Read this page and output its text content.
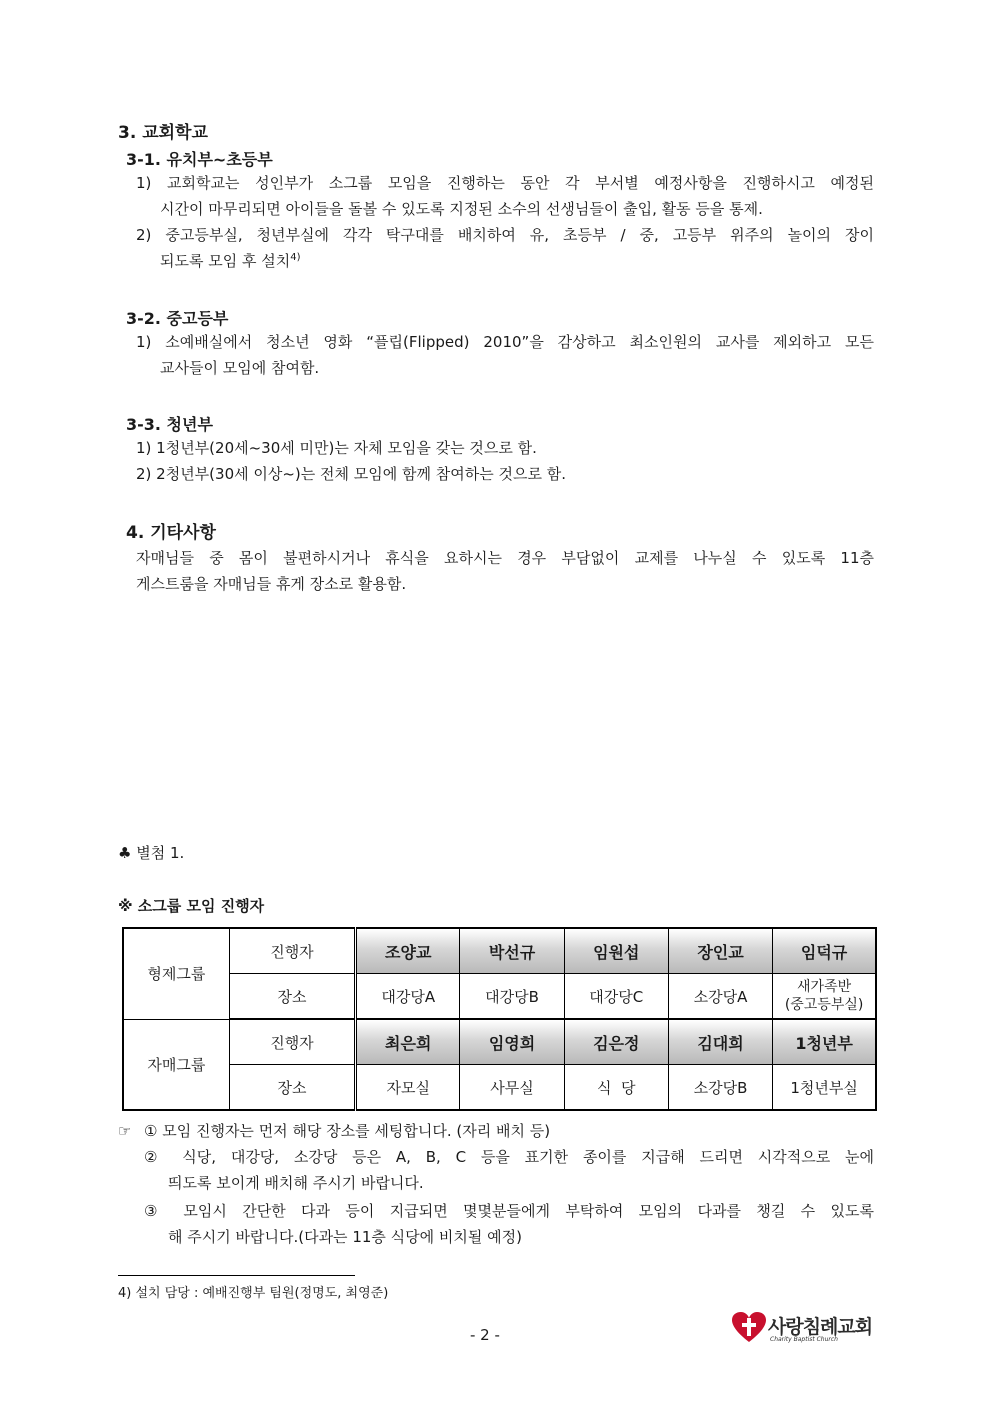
3. 교회학교
3-1. 유치부~초등부
1) 교회학교는 성인부가 소그룹 모임을 진행하는 동안 각 부서별 예정사항을 진행하시고 예정된
시간이 마무리되면 아이들을 돌볼 수 있도록 지정된 소수의 선생님들이 출입, 활동 등을 통제.
2) 중고등부실, 청년부실에 각각 탁구대를 배치하여 유, 초등부 / 중, 고등부 위주의 놀이의 장이
되도록 모임 후 설치$^{4)}$
3-2. 중고등부
1) 소예배실에서 청소년 영화 “플립(Flipped) 2010”을 감상하고 최소인원의 교사를 제외하고 모든
교사들이 모임에 참여함.
3-3. 청년부
1) 1청년부(20세~30세 미만)는 자체 모임을 갖는 것으로 함.
2) 2청년부(30세 이상~)는 전체 모임에 함께 참여하는 것으로 함.
4. 기타사항
자매님들 중 몸이 불편하시거나 휴식을 요하시는 경우 부담없이 교제를 나누실 수 있도록 11층
게스트룸을 자매님들 휴게 장소로 활용함.
♣ 별첨 1.
※ 소그룹 모임 진행자
형제그룹	진행자	조양교	박선규	임원섭	장인교	임덕규
	장소	대강당A	대강당B	대강당C	소강당A	새가족반
(중고등부실)

자매그룹	진행자	최은희	임영희	김은정	김대희	1청년부
	장소	자모실	사무실	식  당	소강당B	1청년부실
☞ ① 모임 진행자는 먼저 해당 장소를 세팅합니다. (자리 배치 등)
② 식당, 대강당, 소강당 등은 A, B, C 등을 표기한 종이를 지급해 드리면 시각적으로 눈에
띄도록 보이게 배치해 주시기 바랍니다.
③ 모임시 간단한 다과 등이 지급되면 몇몇분들에게 부탁하여 모임의 다과를 챙길 수 있도록
해 주시기 바랍니다.(다과는 11층 식당에 비치될 예정)
4) 설치 담당 : 예배진행부 팀원(정명도, 최영준)
- 2 -	사랑침례교회
Charity Baptist Church
